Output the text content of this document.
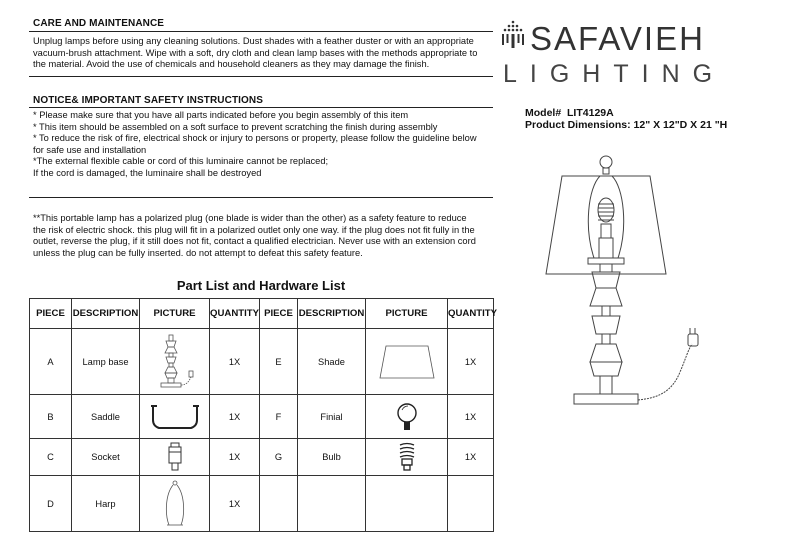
CARE AND MAINTENANCE
Unplug lamps before using any cleaning solutions. Dust shades with a feather duster or with an appropriate
vacuum-brush attachment. Wipe with a soft, dry cloth and clean lamp bases with the methods appropriate to
the material. Avoid the use of chemicals and household cleaners as they may damage the finish.
NOTICE& IMPORTANT SAFETY INSTRUCTIONS
* Please make sure that you have all parts indicated before you begin assembly of this item
* This item should be assembled on a soft surface to prevent scratching the finish during assembly
* To reduce the risk of fire, electrical shock or injury to persons or property, please follow the guideline below
for safe use and installation
*The external flexible cable or cord of this luminaire cannot be replaced;
If the cord is damaged, the luminaire shall be destroyed
**This portable lamp has a polarized plug (one blade is wider than the other) as a safety feature to reduce
the risk of electric shock. this plug will fit in a polarized outlet only one way. if the plug does not fit fully in the
outlet, reverse the plug, if it still does not fit, contact a qualified electrician. Never use with an extension cord
unless the plug can be fully inserted. do not attempt to defeat this safety feature.
SAFAVIEH
LIGHTING
Model# LIT4129A
Product Dimensions: 12" X 12"D X 21 "H
Part List and Hardware List
PIECE	DESCRIPTION	PICTURE	QUANTITY	PIECE	DESCRIPTION	PICTURE	QUANTITY
A	Lamp base		1X	E	Shade		1X
B	Saddle		1X	F	Finial		1X
C	Socket		1X	G	Bulb		1X
D	Harp		1X				
